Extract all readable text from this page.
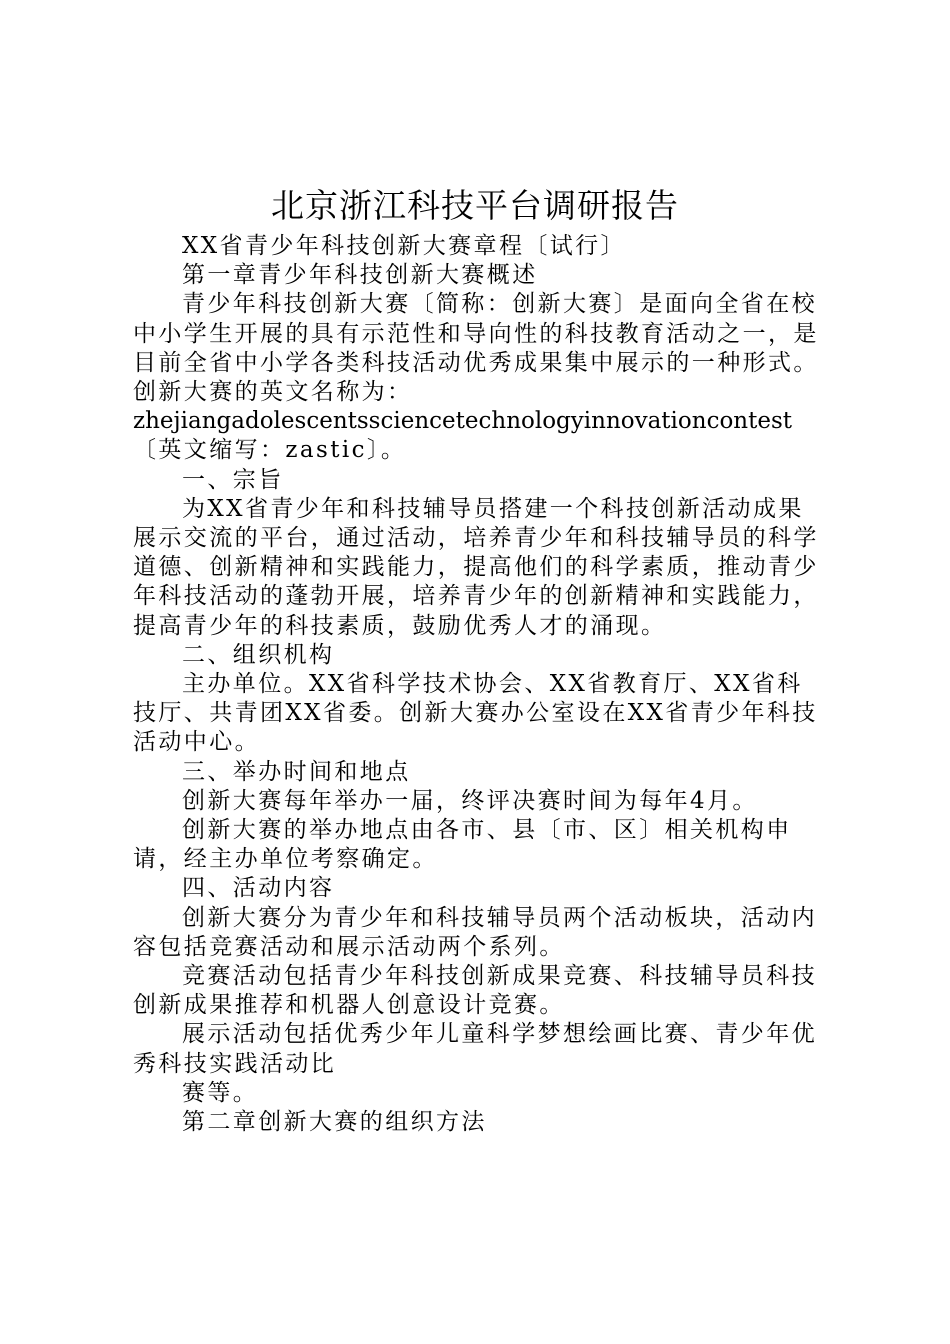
北京浙江科技平台调研报告

XX省青少年科技创新大赛章程〔试行〕

第一章青少年科技创新大赛概述

青少年科技创新大赛〔简称：创新大赛〕是面向全省在校中小学生开展的具有示范性和导向性的科技教育活动之一，是目前全省中小学各类科技活动优秀成果集中展示的一种形式。创新大赛的英文名称为：

zhejiangadolescentssciencetechnologyinnovationcontest

〔英文缩写：zastic〕。

一、宗旨

为XX省青少年和科技辅导员搭建一个科技创新活动成果展示交流的平台，通过活动，培养青少年和科技辅导员的科学道德、创新精神和实践能力，提高他们的科学素质，推动青少年科技活动的蓬勃开展，培养青少年的创新精神和实践能力，提高青少年的科技素质，鼓励优秀人才的涌现。

二、组织机构

主办单位。XX省科学技术协会、XX省教育厅、XX省科技厅、共青团XX省委。创新大赛办公室设在XX省青少年科技活动中心。

三、举办时间和地点

创新大赛每年举办一届，终评决赛时间为每年4月。

创新大赛的举办地点由各市、县〔市、区〕相关机构申请，经主办单位考察确定。

四、活动内容

创新大赛分为青少年和科技辅导员两个活动板块，活动内容包括竞赛活动和展示活动两个系列。

竞赛活动包括青少年科技创新成果竞赛、科技辅导员科技创新成果推荐和机器人创意设计竞赛。

展示活动包括优秀少年儿童科学梦想绘画比赛、青少年优秀科技实践活动比

赛等。

第二章创新大赛的组织方法
